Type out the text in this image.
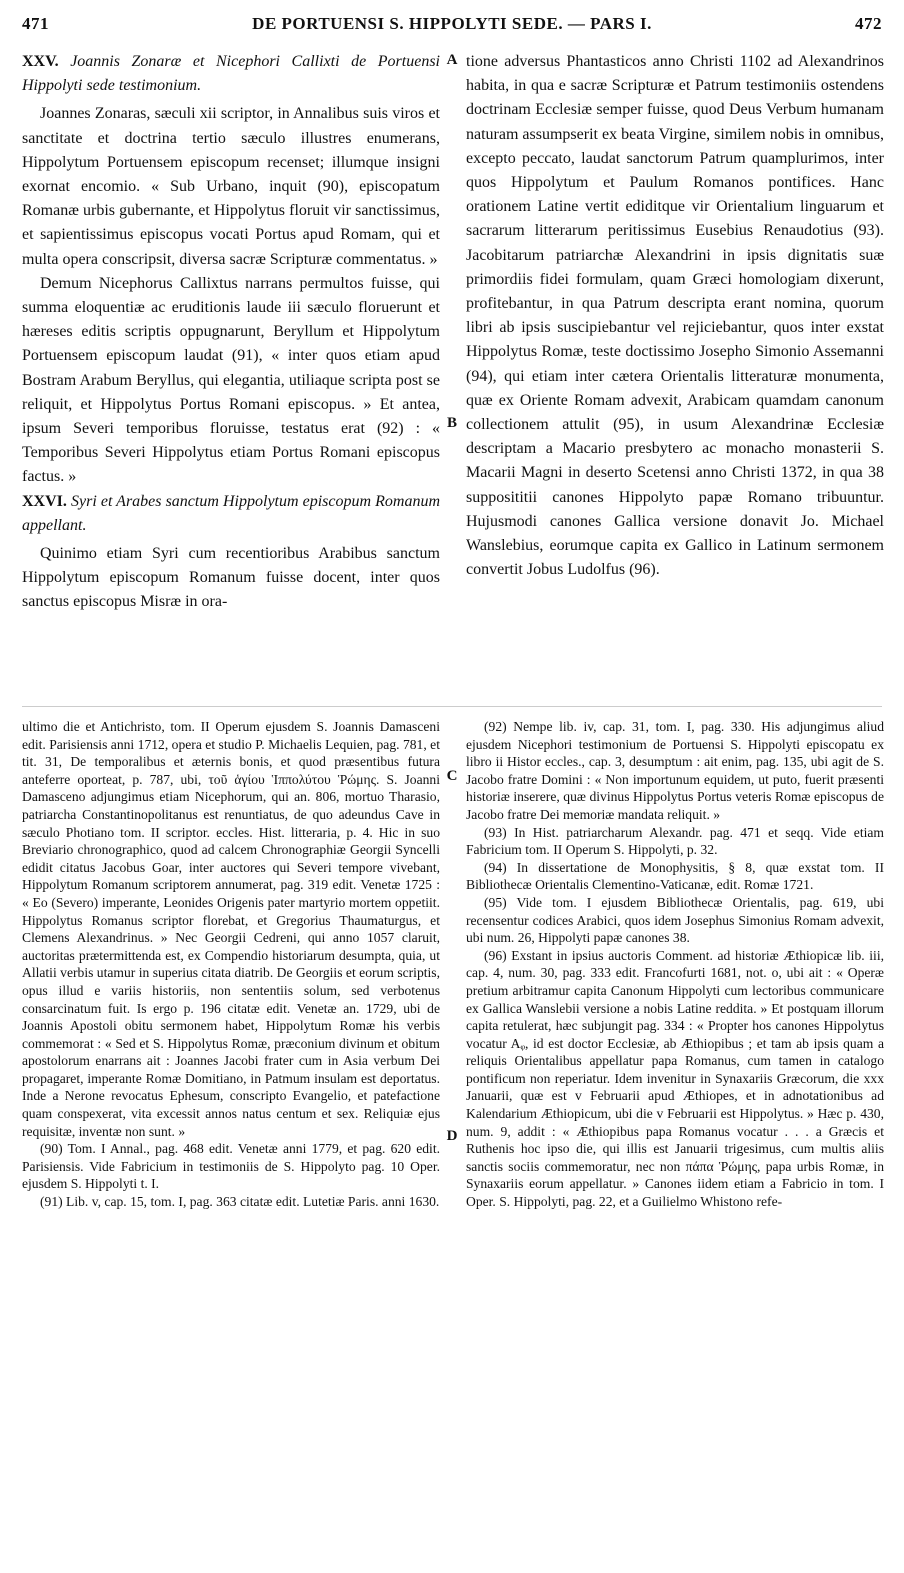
471	DE PORTUENSI S. HIPPOLYTI SEDE. — PARS I.	472
A
B
C
D

XXV. Joannis Zonaræ et Nicephori Callixti de Portuensi Hippolyti sede testimonium.

Joannes Zonaras, sæculi xii scriptor, in Annalibus suis viros et sanctitate et doctrina tertio sæculo illustres enumerans, Hippolytum Portuensem episcopum recenset; illumque insigni exornat encomio. « Sub Urbano, inquit (90), episcopatum Romanæ urbis gubernante, et Hippolytus floruit vir sanctissimus, et sapientissimus episcopus vocati Portus apud Romam, qui et multa opera conscripsit, diversa sacræ Scripturæ commentatus. »

Demum Nicephorus Callixtus narrans permultos fuisse, qui summa eloquentiæ ac eruditionis laude iii sæculo floruerunt et hæreses editis scriptis oppugnarunt, Beryllum et Hippolytum Portuensem episcopum laudat (91), « inter quos etiam apud Bostram Arabum Beryllus, qui elegantia, utiliaque scripta post se reliquit, et Hippolytus Portus Romani episcopus. » Et antea, ipsum Severi temporibus floruisse, testatus erat (92) : « Temporibus Severi Hippolytus etiam Portus Romani episcopus factus. »

XXVI. Syri et Arabes sanctum Hippolytum episcopum Romanum appellant.

Quinimo etiam Syri cum recentioribus Arabibus sanctum Hippolytum episcopum Romanum fuisse docent, inter quos sanctus episcopus Misræ in ora-

tione adversus Phantasticos anno Christi 1102 ad Alexandrinos habita, in qua e sacræ Scripturæ et Patrum testimoniis ostendens doctrinam Ecclesiæ semper fuisse, quod Deus Verbum humanam naturam assumpserit ex beata Virgine, similem nobis in omnibus, excepto peccato, laudat sanctorum Patrum quamplurimos, inter quos Hippolytum et Paulum Romanos pontifices. Hanc orationem Latine vertit ediditque vir Orientalium linguarum et sacrarum litterarum peritissimus Eusebius Renaudotius (93). Jacobitarum patriarchæ Alexandrini in ipsis dignitatis suæ primordiis fidei formulam, quam Græci homologiam dixerunt, profitebantur, in qua Patrum descripta erant nomina, quorum libri ab ipsis suscipiebantur vel rejiciebantur, quos inter exstat Hippolytus Romæ, teste doctissimo Josepho Simonio Assemanni (94), qui etiam inter cætera Orientalis litteraturæ monumenta, quæ ex Oriente Romam advexit, Arabicam quamdam canonum collectionem attulit (95), in usum Alexandrinæ Ecclesiæ descriptam a Macario presbytero ac monacho monasterii S. Macarii Magni in deserto Scetensi anno Christi 1372, in qua 38 supposititii canones Hippolyto papæ Romano tribuuntur. Hujusmodi canones Gallica versione donavit Jo. Michael Wanslebius, eorumque capita ex Gallico in Latinum sermonem convertit Jobus Ludolfus (96).

ultimo die et Antichristo, tom. II Operum ejusdem S. Joannis Damasceni edit. Parisiensis anni 1712, opera et studio P. Michaelis Lequien, pag. 781, et tit. 31, De temporalibus et æternis bonis, et quod præsentibus futura anteferre oporteat, p. 787, ubi, τοῦ ἁγίου Ἱππολύτου Ῥώμης. S. Joanni Damasceno adjungimus etiam Nicephorum, qui an. 806, mortuo Tharasio, patriarcha Constantinopolitanus est renuntiatus, de quo adeundus Cave in sæculo Photiano tom. II scriptor. eccles. Hist. litteraria, p. 4. Hic in suo Breviario chronographico, quod ad calcem Chronographiæ Georgii Syncelli edidit citatus Jacobus Goar, inter auctores qui Severi tempore vivebant, Hippolytum Romanum scriptorem annumerat, pag. 319 edit. Venetæ 1725 : « Eo (Severo) imperante, Leonides Origenis pater martyrio mortem oppetiit. Hippolytus Romanus scriptor florebat, et Gregorius Thaumaturgus, et Clemens Alexandrinus. » Nec Georgii Cedreni, qui anno 1057 claruit, auctoritas prætermittenda est, ex Compendio historiarum desumpta, quia, ut Allatii verbis utamur in superius citata diatrib. De Georgiis et eorum scriptis, opus illud e variis historiis, non sententiis solum, sed verbotenus consarcinatum fuit. Is ergo p. 196 citatæ edit. Venetæ an. 1729, ubi de Joannis Apostoli obitu sermonem habet, Hippolytum Romæ his verbis commemorat : « Sed et S. Hippolytus Romæ, præconium divinum et obitum apostolorum enarrans ait : Joannes Jacobi frater cum in Asia verbum Dei propagaret, imperante Romæ Domitiano, in Patmum insulam est deportatus. Inde a Nerone revocatus Ephesum, conscripto Evangelio, et patefactione quam conspexerat, vita excessit annos natus centum et sex. Reliquiæ ejus requisitæ, inventæ non sunt. »

(90) Tom. I Annal., pag. 468 edit. Venetæ anni 1779, et pag. 620 edit. Parisiensis. Vide Fabricium in testimoniis de S. Hippolyto pag. 10 Oper. ejusdem S. Hippolyti t. I.

(91) Lib. v, cap. 15, tom. I, pag. 363 citatæ edit. Lutetiæ Paris. anni 1630.

(92) Nempe lib. iv, cap. 31, tom. I, pag. 330. His adjungimus aliud ejusdem Nicephori testimonium de Portuensi S. Hippolyti episcopatu ex libro ii Histor eccles., cap. 3, desumptum : ait enim, pag. 135, ubi agit de S. Jacobo fratre Domini : « Non importunum equidem, ut puto, fuerit præsenti historiæ inserere, quæ divinus Hippolytus Portus veteris Romæ episcopus de Jacobo fratre Dei memoriæ mandata reliquit. »

(93) In Hist. patriarcharum Alexandr. pag. 471 et seqq. Vide etiam Fabricium tom. II Operum S. Hippolyti, p. 32.

(94) In dissertatione de Monophysitis, § 8, quæ exstat tom. II Bibliothecæ Orientalis Clementino-Vaticanæ, edit. Romæ 1721.

(95) Vide tom. I ejusdem Bibliothecæ Orientalis, pag. 619, ubi recensentur codices Arabici, quos idem Josephus Simonius Romam advexit, ubi num. 26, Hippolyti papæ canones 38.

(96) Exstant in ipsius auctoris Comment. ad historiæ Æthiopicæ lib. iii, cap. 4, num. 30, pag. 333 edit. Francofurti 1681, not. o, ubi ait : « Operæ pretium arbitramur capita Canonum Hippolyti cum lectoribus communicare ex Gallica Wanslebii versione a nobis Latine reddita. » Et postquam illorum capita retulerat, hæc subjungit pag. 334 : « Propter hos canones Hippolytus vocatur Aᵩ, id est doctor Ecclesiæ, ab Æthiopibus ; et tam ab ipsis quam a reliquis Orientalibus appellatur papa Romanus, cum tamen in catalogo pontificum non reperiatur. Idem invenitur in Synaxariis Græcorum, die xxx Januarii, quæ est v Februarii apud Æthiopes, et in adnotationibus ad Kalendarium Æthiopicum, ubi die v Februarii est Hippolytus. » Hæc p. 430, num. 9, addit : « Æthiopibus papa Romanus vocatur . . . a Græcis et Ruthenis hoc ipso die, qui illis est Januarii trigesimus, cum multis aliis sanctis sociis commemoratur, nec non πάπα Ῥώμης, papa urbis Romæ, in Synaxariis eorum appellatur. » Canones iidem etiam a Fabricio in tom. I Oper. S. Hippolyti, pag. 22, et a Guilielmo Whistono refe-
